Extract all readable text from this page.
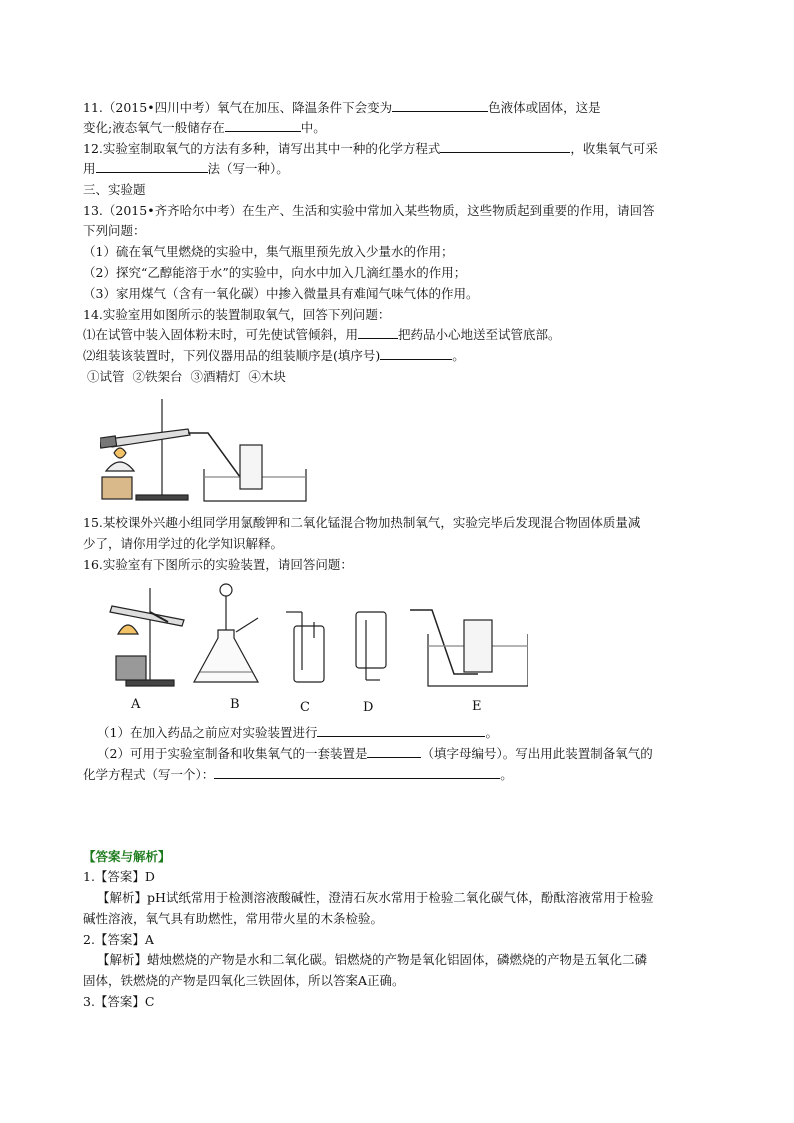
11.（2015•四川中考）氧气在加压、降温条件下会变为	色液体或固体，这是
变化;液态氧气一般储存在	中。
12.实验室制取氧气的方法有多种，请写出其中一种的化学方程式	，收集氧气可采
用	法（写一种）。
三、实验题
13.（2015•齐齐哈尔中考）在生产、生活和实验中常加入某些物质，这些物质起到重要的作用，请回答
下列问题：
（1）硫在氧气里燃烧的实验中，集气瓶里预先放入少量水的作用；
（2）探究“乙醇能溶于水”的实验中，向水中加入几滴红墨水的作用；
（3）家用煤气（含有一氧化碳）中掺入微量具有难闻气味气体的作用。
14.实验室用如图所示的装置制取氧气，回答下列问题：
⑴在试管中装入固体粉末时，可先使试管倾斜，用	把药品小心地送至试管底部。
⑵组装该装置时，下列仪器用品的组装顺序是(填序号)	。
①试管 ②铁架台 ③酒精灯 ④木块
15.某校课外兴趣小组同学用氯酸钾和二氧化锰混合物加热制氧气，实验完毕后发现混合物固体质量减
少了，请你用学过的化学知识解释。
16.实验室有下图所示的实验装置，请回答问题：
A	B	C	D	E
（1）在加入药品之前应对实验装置进行	。
（2）可用于实验室制备和收集氧气的一套装置是	（填字母编号）。写出用此装置制备氧气的
化学方程式（写一个）：	。
【答案与解析】
1.【答案】D
【解析】pH试纸常用于检测溶液酸碱性，澄清石灰水常用于检验二氧化碳气体，酚酞溶液常用于检验
碱性溶液，氧气具有助燃性，常用带火星的木条检验。
2.【答案】A
【解析】蜡烛燃烧的产物是水和二氧化碳。铝燃烧的产物是氧化铝固体，磷燃烧的产物是五氧化二磷
固体，铁燃烧的产物是四氧化三铁固体，所以答案A正确。
3.【答案】C
